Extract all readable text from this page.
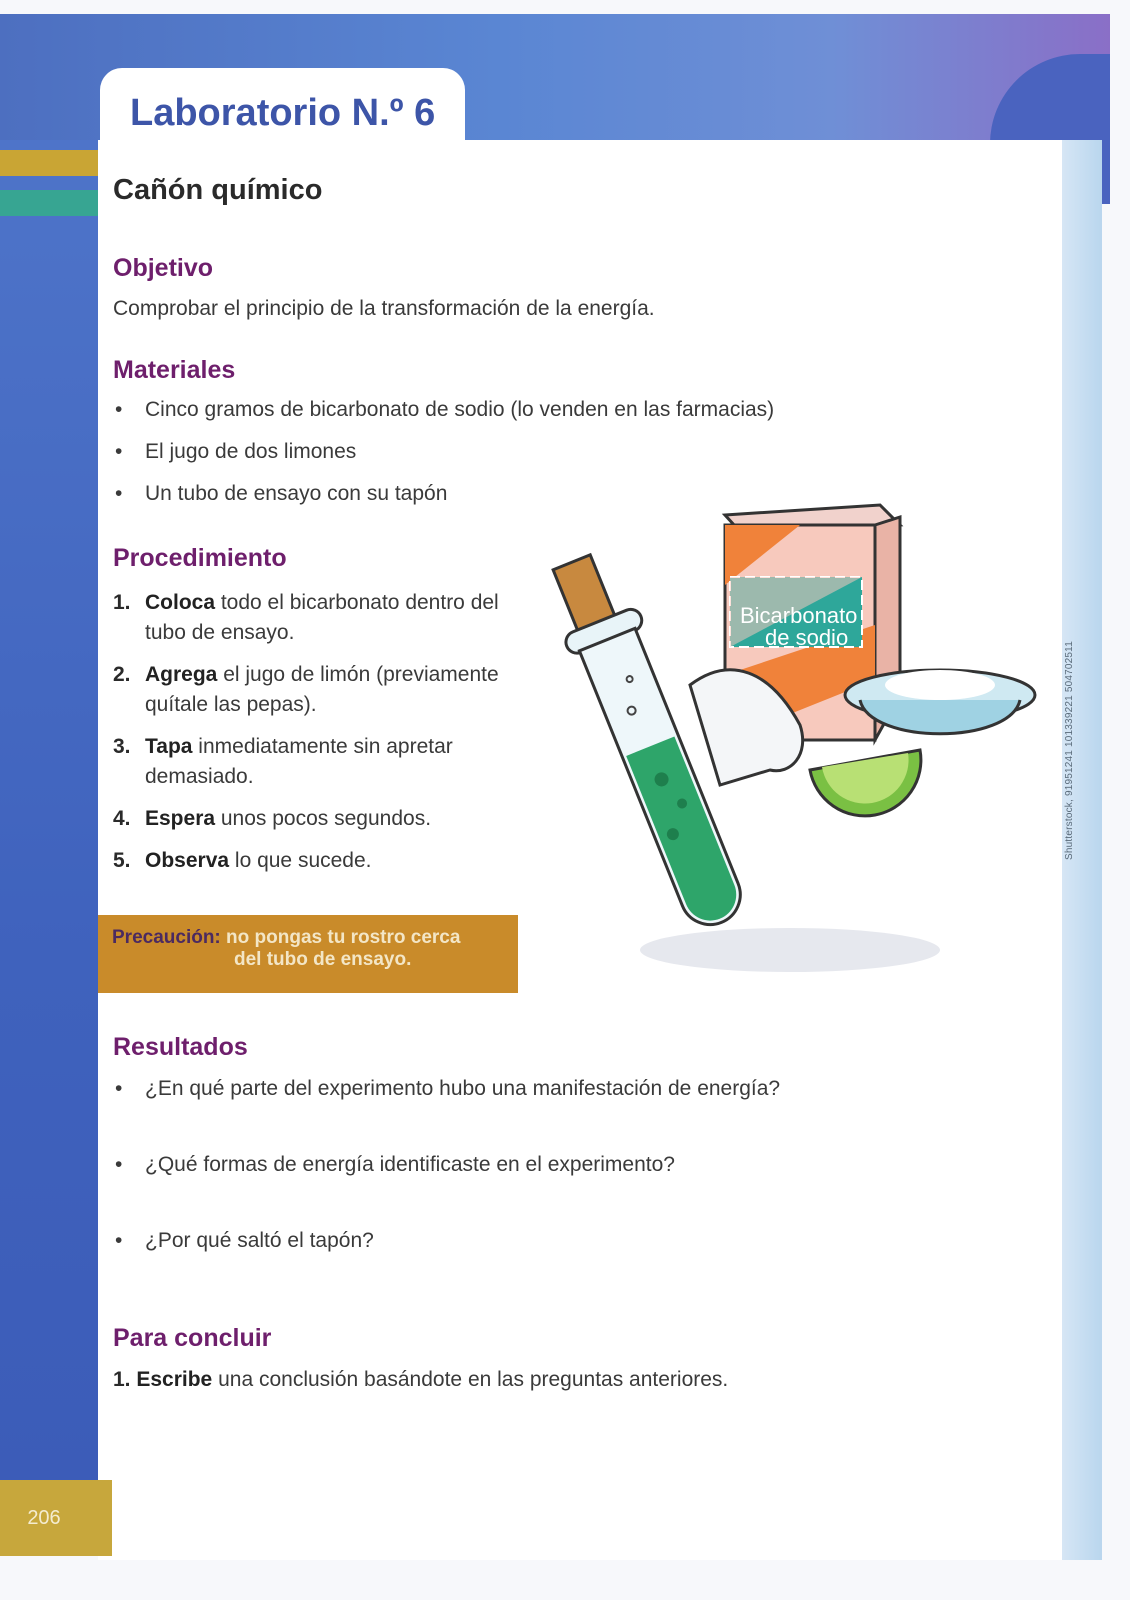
Shutterstock, 91951241 101339221 504702511
Laboratorio N.º 6
Cañón químico
Objetivo
Comprobar el principio de la transformación de la energía.
Materiales
• Cinco gramos de bicarbonato de sodio (lo venden en las farmacias)
• El jugo de dos limones
• Un tubo de ensayo con su tapón
Procedimiento
1. Coloca todo el bicarbonato dentro del tubo de ensayo.
2. Agrega el jugo de limón (previamente quítale las pepas).
3. Tapa inmediatamente sin apretar demasiado.
4. Espera unos pocos segundos.
5. Observa lo que sucede.
Precaución: no pongas tu rostro cerca
del tubo de ensayo.
Bicarbonato
de sodio
Resultados
• ¿En qué parte del experimento hubo una manifestación de energía?
• ¿Qué formas de energía identificaste en el experimento?
• ¿Por qué saltó el tapón?
Para concluir
1. Escribe una conclusión basándote en las preguntas anteriores.
206
